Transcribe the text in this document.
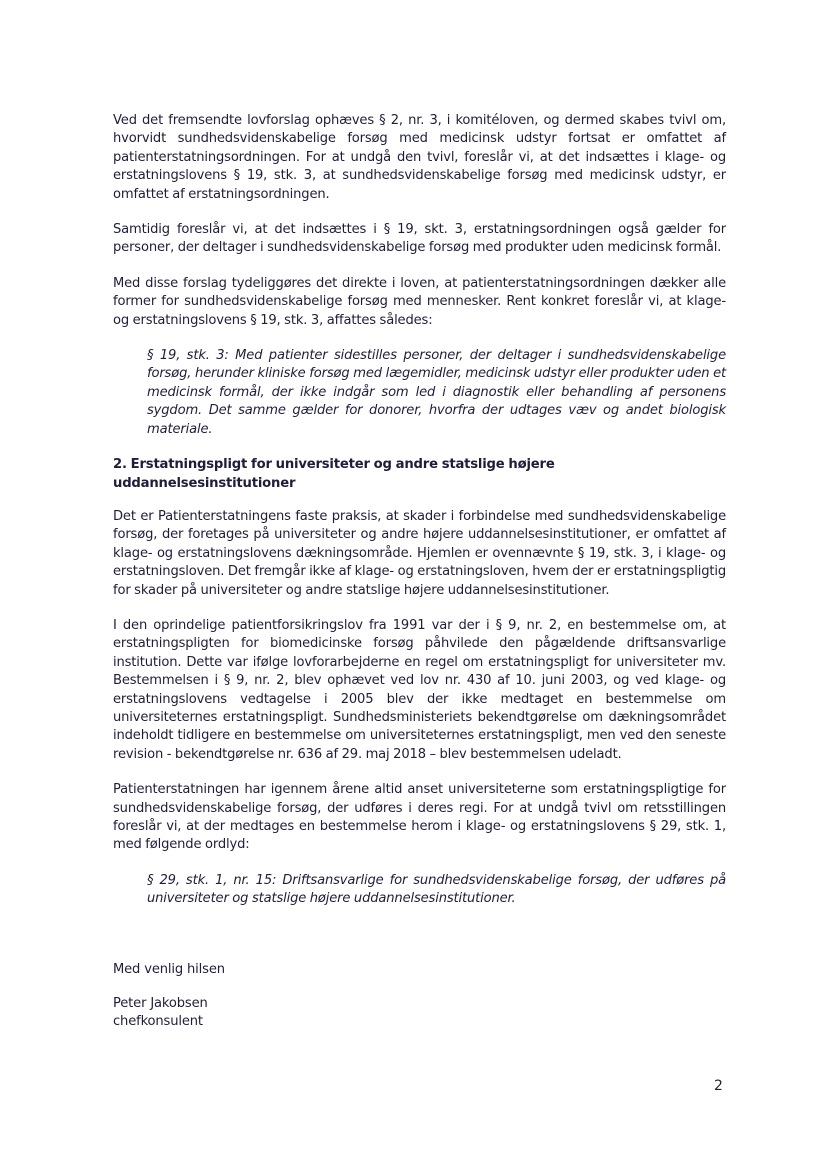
Ved det fremsendte lovforslag ophæves § 2, nr. 3, i komitéloven, og dermed skabes tvivl om, hvorvidt sundhedsvidenskabelige forsøg med medicinsk udstyr fortsat er omfattet af patienterstatningsordningen. For at undgå den tvivl, foreslår vi, at det indsættes i klage- og erstatningslovens § 19, stk. 3, at sundhedsvidenskabelige forsøg med medicinsk udstyr, er omfattet af erstatningsordningen.

Samtidig foreslår vi, at det indsættes i § 19, skt. 3, erstatningsordningen også gælder for personer, der deltager i sundhedsvidenskabelige forsøg med produkter uden medicinsk formål.

Med disse forslag tydeliggøres det direkte i loven, at patienterstatningsordningen dækker alle former for sundhedsvidenskabelige forsøg med mennesker. Rent konkret foreslår vi, at klage- og erstatningslovens § 19, stk. 3, affattes således:

§ 19, stk. 3: Med patienter sidestilles personer, der deltager i sundhedsvidenskabelige forsøg, herunder kliniske forsøg med lægemidler, medicinsk udstyr eller produkter uden et medicinsk formål, der ikke indgår som led i diagnostik eller behandling af personens sygdom. Det samme gælder for donorer, hvorfra der udtages væv og andet biologisk materiale.

2. Erstatningspligt for universiteter og andre statslige højere uddannelsesinstitutioner

Det er Patienterstatningens faste praksis, at skader i forbindelse med sundhedsvidenskabelige forsøg, der foretages på universiteter og andre højere uddannelsesinstitutioner, er omfattet af klage- og erstatningslovens dækningsområde. Hjemlen er ovennævnte § 19, stk. 3, i klage- og erstatningsloven. Det fremgår ikke af klage- og erstatningsloven, hvem der er erstatningspligtig for skader på universiteter og andre statslige højere uddannelsesinstitutioner.

I den oprindelige patientforsikringslov fra 1991 var der i § 9, nr. 2, en bestemmelse om, at erstatningspligten for biomedicinske forsøg påhvilede den pågældende driftsansvarlige institution. Dette var ifølge lovforarbejderne en regel om erstatningspligt for universiteter mv. Bestemmelsen i § 9, nr. 2, blev ophævet ved lov nr. 430 af 10. juni 2003, og ved klage- og erstatningslovens vedtagelse i 2005 blev der ikke medtaget en bestemmelse om universiteternes erstatningspligt. Sundhedsministeriets bekendtgørelse om dækningsområdet indeholdt tidligere en bestemmelse om universiteternes erstatningspligt, men ved den seneste revision - bekendtgørelse nr. 636 af 29. maj 2018 – blev bestemmelsen udeladt.

Patienterstatningen har igennem årene altid anset universiteterne som erstatningspligtige for sundhedsvidenskabelige forsøg, der udføres i deres regi. For at undgå tvivl om retsstillingen foreslår vi, at der medtages en bestemmelse herom i klage- og erstatningslovens § 29, stk. 1, med følgende ordlyd:

§ 29, stk. 1, nr. 15: Driftsansvarlige for sundhedsvidenskabelige forsøg, der udføres på universiteter og statslige højere uddannelsesinstitutioner.

Med venlig hilsen

Peter Jakobsen

chefkonsulent

2
